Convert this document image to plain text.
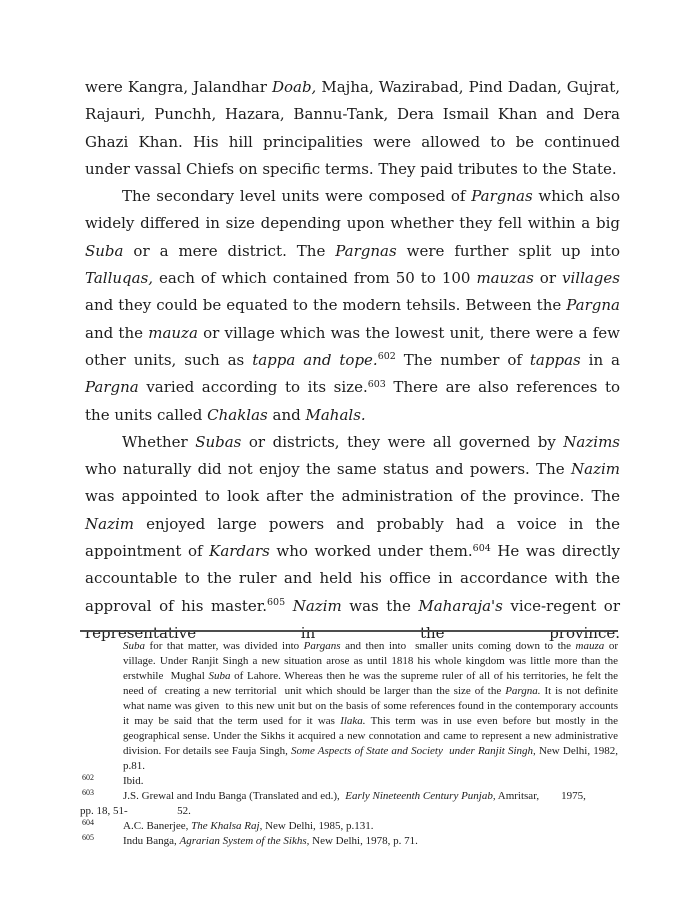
were Kangra, Jalandhar Doab, Majha, Wazirabad, Pind Dadan, Gujrat, Rajauri, Punchh, Hazara, Bannu-Tank, Dera Ismail Khan and Dera Ghazi Khan. His hill principalities were allowed to be continued under vassal Chiefs on specific terms. They paid tributes to the State.
The secondary level units were composed of Pargnas which also widely differed in size depending upon whether they fell within a big Suba or a mere district. The Pargnas were further split up into Talluqas, each of which contained from 50 to 100 mauzas or villages and they could be equated to the modern tehsils. Between the Pargna and the mauza or village which was the lowest unit, there were a few other units, such as tappa and tope.$^{602}$ The number of tappas in a Pargna varied according to its size.$^{603}$ There are also references to the units called Chaklas and Mahals.
Whether Subas or districts, they were all governed by Nazims who naturally did not enjoy the same status and powers. The Nazim was appointed to look after the administration of the province. The Nazim enjoyed large powers and probably had a voice in the appointment of Kardars who worked under them.$^{604}$ He was directly accountable to the ruler and held his office in accordance with the approval of his master.$^{605}$ Nazim was the Maharaja's vice-regent or representative in the province.
Suba for that matter, was divided into Pargans and then into  smaller units coming down to the mauza or village. Under Ranjit Singh a new situation arose as until 1818 his whole kingdom was little more than the erstwhile  Mughal Suba of Lahore. Whereas then he was the supreme ruler of all of his territories, he felt the need of  creating a new territorial  unit which should be larger than the size of the Pargna. It is not definite  what name was given  to this new unit but on the basis of some references found in the contemporary accounts it may be said that the term used for it was Ilaka. This term was in use even before but mostly in the geographical sense. Under the Sikhs it acquired a new connotation and came to represent a new administrative division. For details see Fauja Singh, Some Aspects of State and Society  under Ranjit Singh, New Delhi, 1982, p.81.
602	Ibid.
603	J.S. Grewal and Indu Banga (Translated and ed.),  Early Nineteenth Century Punjab, Amritsar,        1975,
pp. 18, 51-                  52.
604	A.C. Banerjee, The Khalsa Raj, New Delhi, 1985, p.131.
605	Indu Banga, Agrarian System of the Sikhs, New Delhi, 1978, p. 71.
